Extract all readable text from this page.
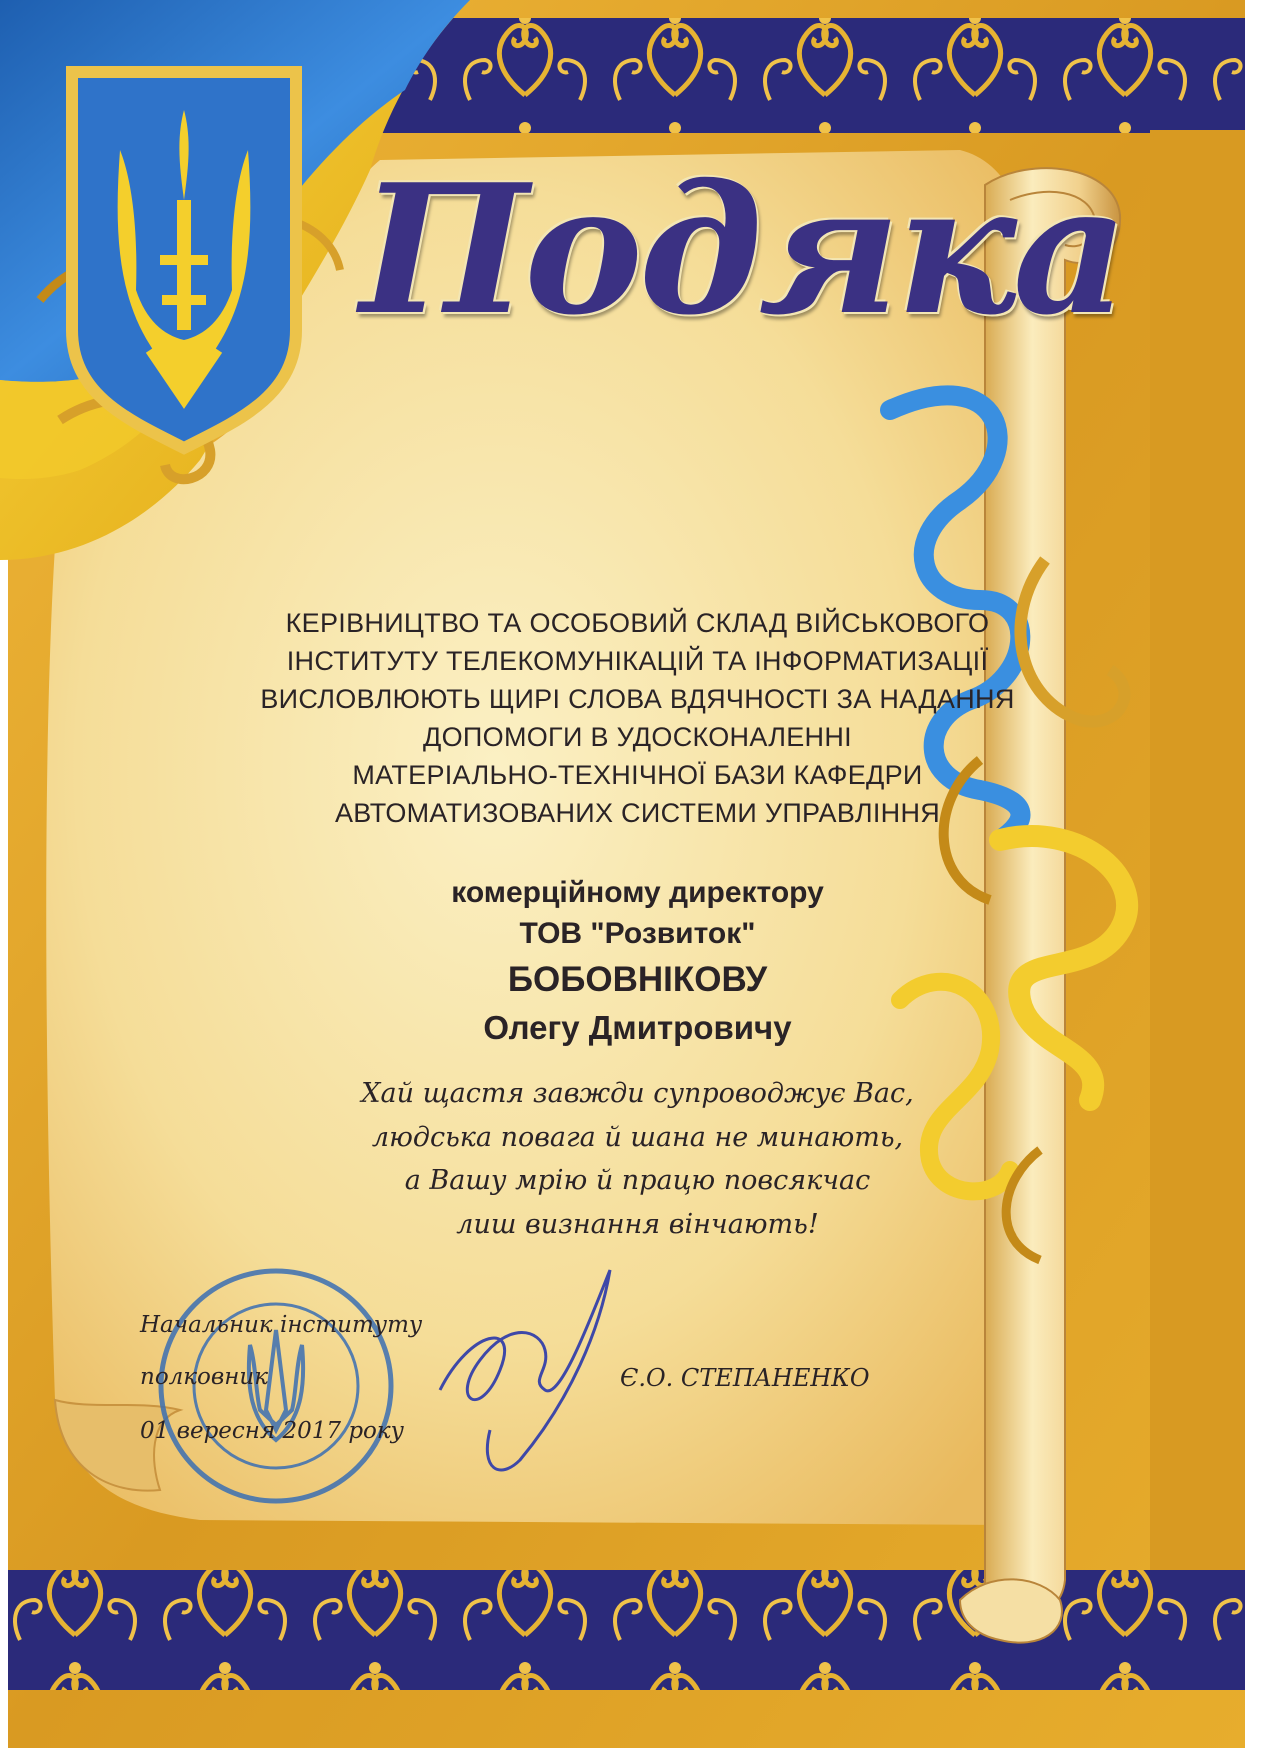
Подяка
КЕРІВНИЦТВО ТА ОСОБОВИЙ СКЛАД ВІЙСЬКОВОГО
ІНСТИТУТУ ТЕЛЕКОМУНІКАЦІЙ ТА ІНФОРМАТИЗАЦІЇ
ВИСЛОВЛЮЮТЬ ЩИРІ СЛОВА ВДЯЧНОСТІ ЗА НАДАННЯ
ДОПОМОГИ В УДОСКОНАЛЕННІ
МАТЕРІАЛЬНО-ТЕХНІЧНОЇ БАЗИ КАФЕДРИ
АВТОМАТИЗОВАНИХ СИСТЕМИ УПРАВЛІННЯ
комерційному директору
ТОВ "Розвиток"
БОБОВНІКОВУ
Олегу Дмитровичу
Хай щастя завжди супроводжує Вас,
людська повага й шана не минають,
а Вашу мрію й працю повсякчас
лиш визнання вінчають!
Начальник інституту
полковник
01 вересня 2017 року
Є.О. СТЕПАНЕНКО
